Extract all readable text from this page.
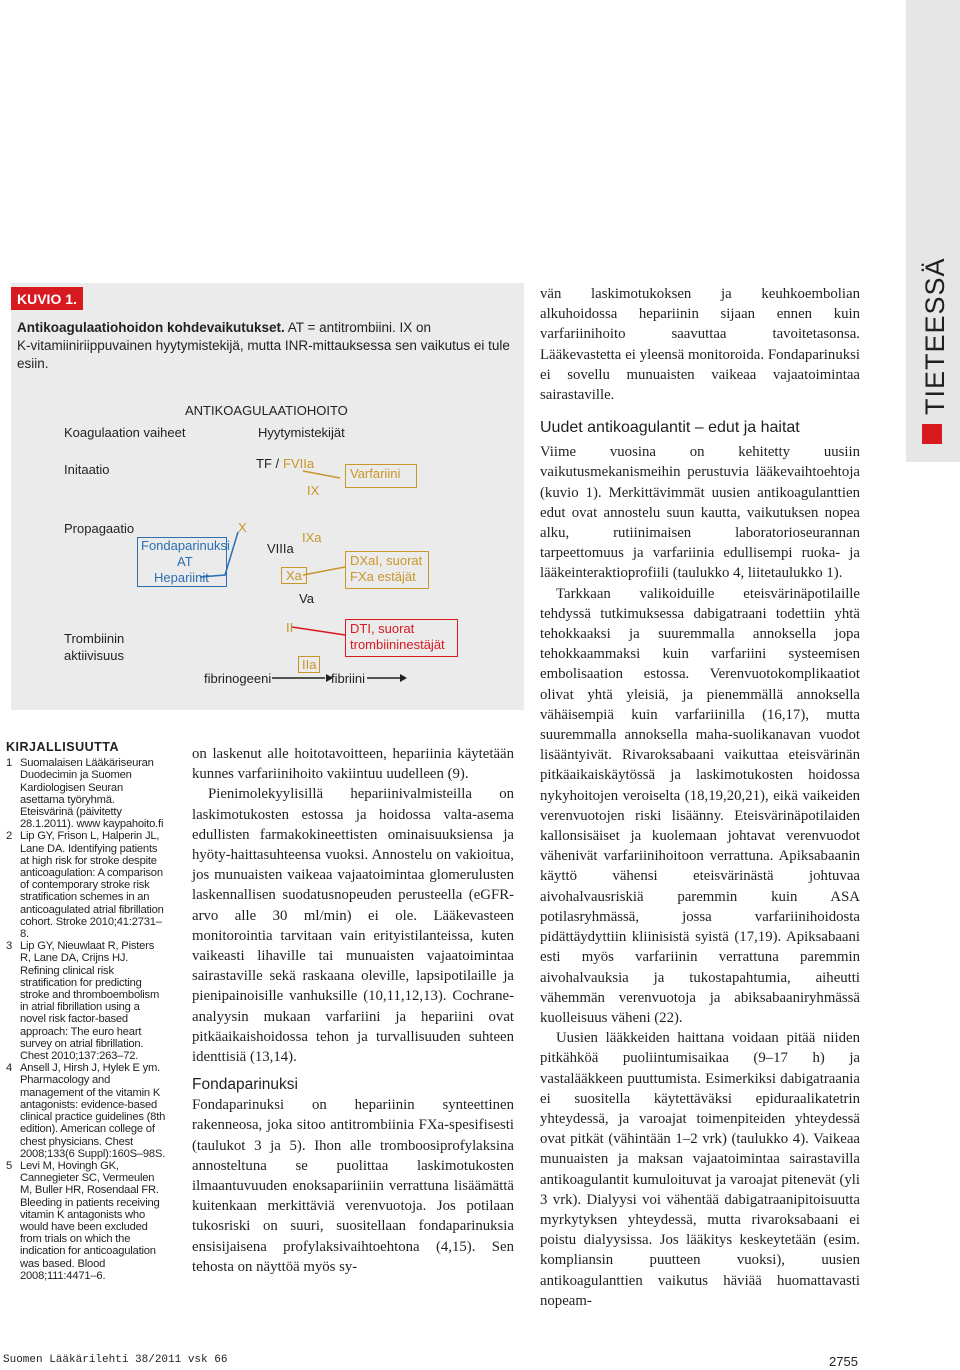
TIETEESSÄ
KUVIO 1.
Antikoagulaatiohoidon kohdevaikutukset. AT = antitrombiini. IX on
K-vitamiiniriippuvainen hyytymistekijä, mutta INR-mittauksessa sen vaikutus ei tule esiin.
ANTIKOAGULAATIOHOITO
Koagulaation vaiheet	Hyytymistekijät
Initaatio
Propagaatio
Trombiinin
aktiivisuus
Fondaparinuksi
AT
Hepariinit
TF / FVIIa
IX
X
IXa
VIIIa
Xa
Va
II
IIa
fibrinogeeni	fibriini
Varfariini
DXaI, suorat
FXa estäjät
DTI, suorat
trombiininestäjät
KIRJALLISUUTTA
1 Suomalaisen Lääkäriseuran Duodecimin ja Suomen Kardiologisen Seuran asettama työryhmä. Eteisvärinä (päivitetty 28.1.2011). www kaypahoito.fi
2 Lip GY, Frison L, Halperin JL, Lane DA. Identifying patients at high risk for stroke despite anticoagulation: A comparison of contemporary stroke risk stratification schemes in an anticoagulated atrial fibrillation cohort. Stroke 2010;41:2731–8.
3 Lip GY, Nieuwlaat R, Pisters R, Lane DA, Crijns HJ. Refining clinical risk stratification for predicting stroke and thromboembolism in atrial fibrillation using a novel risk factor-based approach: The euro heart survey on atrial fibrillation. Chest 2010;137:263–72.
4 Ansell J, Hirsh J, Hylek E ym. Pharmacology and management of the vitamin K antagonists: evidence-based clinical practice guidelines (8th edition). American college of chest physicians. Chest 2008;133(6 Suppl):160S–98S.
5 Levi M, Hovingh GK, Cannegieter SC, Vermeulen M, Buller HR, Rosendaal FR. Bleeding in patients receiving vitamin K antagonists who would have been excluded from trials on which the indication for anticoagulation was based. Blood 2008;111:4471–6.

on laskenut alle hoitotavoitteen, hepariinia käytetään kunnes varfariinihoito vakiintuu uudelleen (9).

Pienimolekyylisillä hepariinivalmisteilla on laskimotukosten estossa ja hoidossa valta-asema edullisten farmakokineettisten ominaisuuksiensa ja hyöty-haittasuhteensa vuoksi. Annostelu on vakioitua, jos munuaisten vaikeaa vajaatoimintaa glomerulusten laskennallisen suodatusnopeuden perusteella (eGFR-arvo alle 30 ml/min) ei ole. Lääkevasteen monitorointia tarvitaan vain erityistilanteissa, kuten vaikeasti lihaville tai munuaisten vajaatoimintaa sairastaville sekä raskaana oleville, lapsipotilaille ja pienipainoisille vanhuksille (10,11,12,13). Cochrane-analyysin mukaan varfariini ja hepariini ovat pitkäaikaishoidossa tehon ja turvallisuuden suhteen identtisiä (13,14).

Fondaparinuksi

Fondaparinuksi on hepariinin synteettinen rakenneosa, joka sitoo antitrombiinia FXa-spesifisesti (taulukot 3 ja 5). Ihon alle tromboosiprofylaksina annosteltuna se puolittaa laskimotukosten ilmaantuvuuden enoksapariiniin verrattuna lisäämättä kuitenkaan merkittäviä verenvuotoja. Jos potilaan tukosriski on suuri, suositellaan fondaparinuksia ensisijaisena profylaksivaihtoehtona (4,15). Sen tehosta on näyttöä myös sy-

vän laskimotukoksen ja keuhkoembolian alkuhoidossa hepariinin sijaan ennen kuin varfariinihoito saavuttaa tavoitetasonsa. Lääkevastetta ei yleensä monitoroida. Fondaparinuksi ei sovellu munuaisten vaikeaa vajaatoimintaa sairastaville.

Uudet antikoagulantit – edut ja haitat

Viime vuosina on kehitetty uusiin vaikutusmekanismeihin perustuvia lääkevaihtoehtoja (kuvio 1). Merkittävimmät uusien antikoagulanttien edut ovat annostelu suun kautta, vaikutuksen nopea alku, rutiinimaisen laboratorioseurannan tarpeettomuus ja varfariinia edullisempi ruoka- ja lääkeinteraktioprofiili (taulukko 4, liitetaulukko 1).

Tarkkaan valikoiduille eteisvärinäpotilaille tehdyssä tutkimuksessa dabigatraani todettiin yhtä tehokkaaksi ja suuremmalla annoksella jopa tehokkaammaksi kuin varfariini systeemisen embolisaation estossa. Verenvuotokomplikaatiot olivat yhtä yleisiä, ja pienemmällä annoksella vähäisempiä kuin varfariinilla (16,17), mutta suuremmalla annoksella maha-suolikanavan vuodot lisääntyivät. Rivaroksabaani vaikuttaa eteisvärinän pitkäaikaiskäytössä ja laskimotukosten hoidossa nykyhoitojen veroiselta (18,19,20,21), eikä vaikeiden verenvuotojen riski lisäänny. Eteisvärinäpotilaiden kallonsisäiset ja kuolemaan johtavat verenvuodot vähenivät varfariinihoitoon verrattuna. Apiksabaanin käyttö vähensi eteisvärinästä johtuvaa aivohalvausriskiä paremmin kuin ASA potilasryhmässä, jossa varfariinihoidosta pidättäydyttiin kliinisistä syistä (17,19). Apiksabaani esti myös varfariinin verrattuna paremmin aivohalvauksia ja tukostapahtumia, aiheutti vähemmän verenvuotoja ja abiksabaaniryhmässä kuolleisuus väheni (22).

Uusien lääkkeiden haittana voidaan pitää niiden pitkähköä puoliintumisaikaa (9–17 h) ja vastalääkkeen puuttumista. Esimerkiksi dabigatraania ei suositella käytettäväksi epiduraalikatetrin yhteydessä, ja varoajat toimenpiteiden yhteydessä ovat pitkät (vähintään 1–2 vrk) (taulukko 4). Vaikeaa munuaisten ja maksan vajaatoimintaa sairastavilla antikoagulantit kumuloituvat ja varoajat pitenevät (yli 3 vrk). Dialyysi voi vähentää dabigatraanipitoisuutta myrkytyksen yhteydessä, mutta rivaroksabaani ei poistu dialyysissa. Jos lääkitys keskeytetään (esim. kompliansin puutteen vuoksi), uusien antikoagulanttien vaikutus häviää huomattavasti nopeam-

Suomen Lääkärilehti 38/2011 vsk 66	2755
